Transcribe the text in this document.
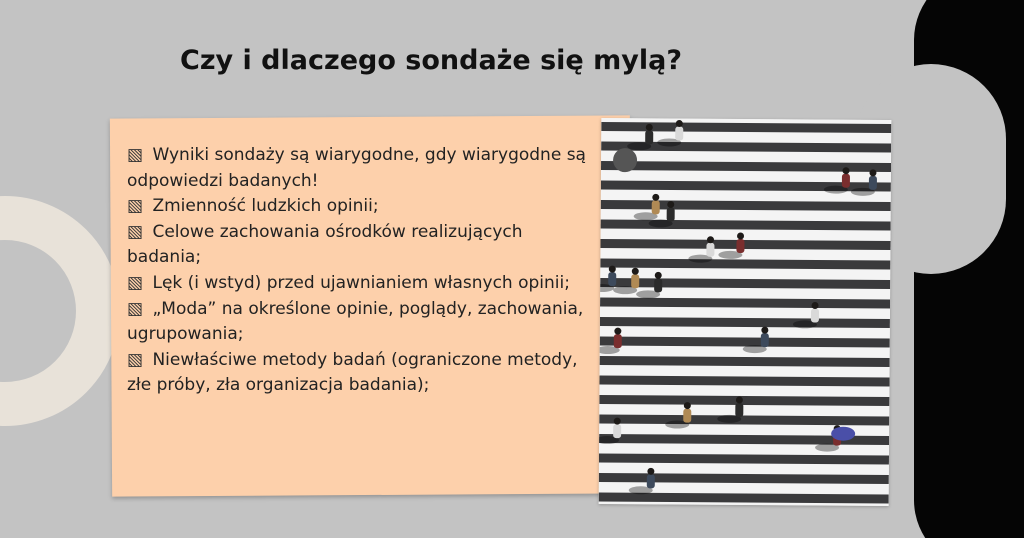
Czy i dlaczego sondaże się mylą?
▧ Wyniki sondaży są wiarygodne, gdy wiarygodne są odpowiedzi badanych!
▧ Zmienność ludzkich opinii;
▧ Celowe zachowania ośrodków realizujących badania;
▧ Lęk (i wstyd) przed ujawnianiem własnych opinii;
▧ „Moda” na określone opinie, poglądy, zachowania, ugrupowania;
▧ Niewłaściwe metody badań (ograniczone metody, złe próby, zła organizacja badania);
